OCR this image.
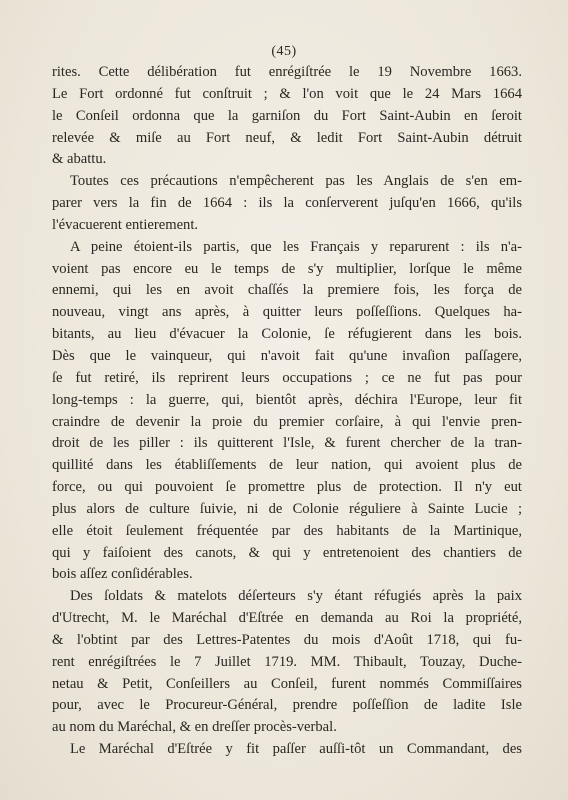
(45)
rites. Cette délibération fut enrégiſtrée le 19 Novembre 1663.
Le Fort ordonné fut conſtruit ; & l'on voit que le 24 Mars 1664
le Conſeil ordonna que la garniſon du Fort Saint-Aubin en ſeroit
relevée & miſe au Fort neuf, & ledit Fort Saint-Aubin détruit
& abattu.
Toutes ces précautions n'empêcherent pas les Anglais de s'en em-
parer vers la fin de 1664 : ils la conſerverent juſqu'en 1666, qu'ils
l'évacuerent entierement.
A peine étoient-ils partis, que les Français y reparurent : ils n'a-
voient pas encore eu le temps de s'y multiplier, lorſque le même
ennemi, qui les en avoit chaſſés la premiere fois, les força de
nouveau, vingt ans après, à quitter leurs poſſeſſions. Quelques ha-
bitants, au lieu d'évacuer la Colonie, ſe réfugierent dans les bois.
Dès que le vainqueur, qui n'avoit fait qu'une invaſion paſſagere,
ſe fut retiré, ils reprirent leurs occupations ; ce ne fut pas pour
long-temps : la guerre, qui, bientôt après, déchira l'Europe, leur fit
craindre de devenir la proie du premier corſaire, à qui l'envie pren-
droit de les piller : ils quitterent l'Isle, & furent chercher de la tran-
quillité dans les établiſſements de leur nation, qui avoient plus de
force, ou qui pouvoient ſe promettre plus de protection. Il n'y eut
plus alors de culture ſuivie, ni de Colonie réguliere à Sainte Lucie ;
elle étoit ſeulement fréquentée par des habitants de la Martinique,
qui y faiſoient des canots, & qui y entretenoient des chantiers de
bois aſſez conſidérables.
Des ſoldats & matelots déſerteurs s'y étant réfugiés après la paix
d'Utrecht, M. le Maréchal d'Eſtrée en demanda au Roi la propriété,
& l'obtint par des Lettres-Patentes du mois d'Août 1718, qui fu-
rent enrégiſtrées le 7 Juillet 1719. MM. Thibault, Touzay, Duche-
netau & Petit, Conſeillers au Conſeil, furent nommés Commiſſaires
pour, avec le Procureur-Général, prendre poſſeſſion de ladite Isle
au nom du Maréchal, & en dreſſer procès-verbal.
Le Maréchal d'Eſtrée y fit paſſer auſſi-tôt un Commandant, des
